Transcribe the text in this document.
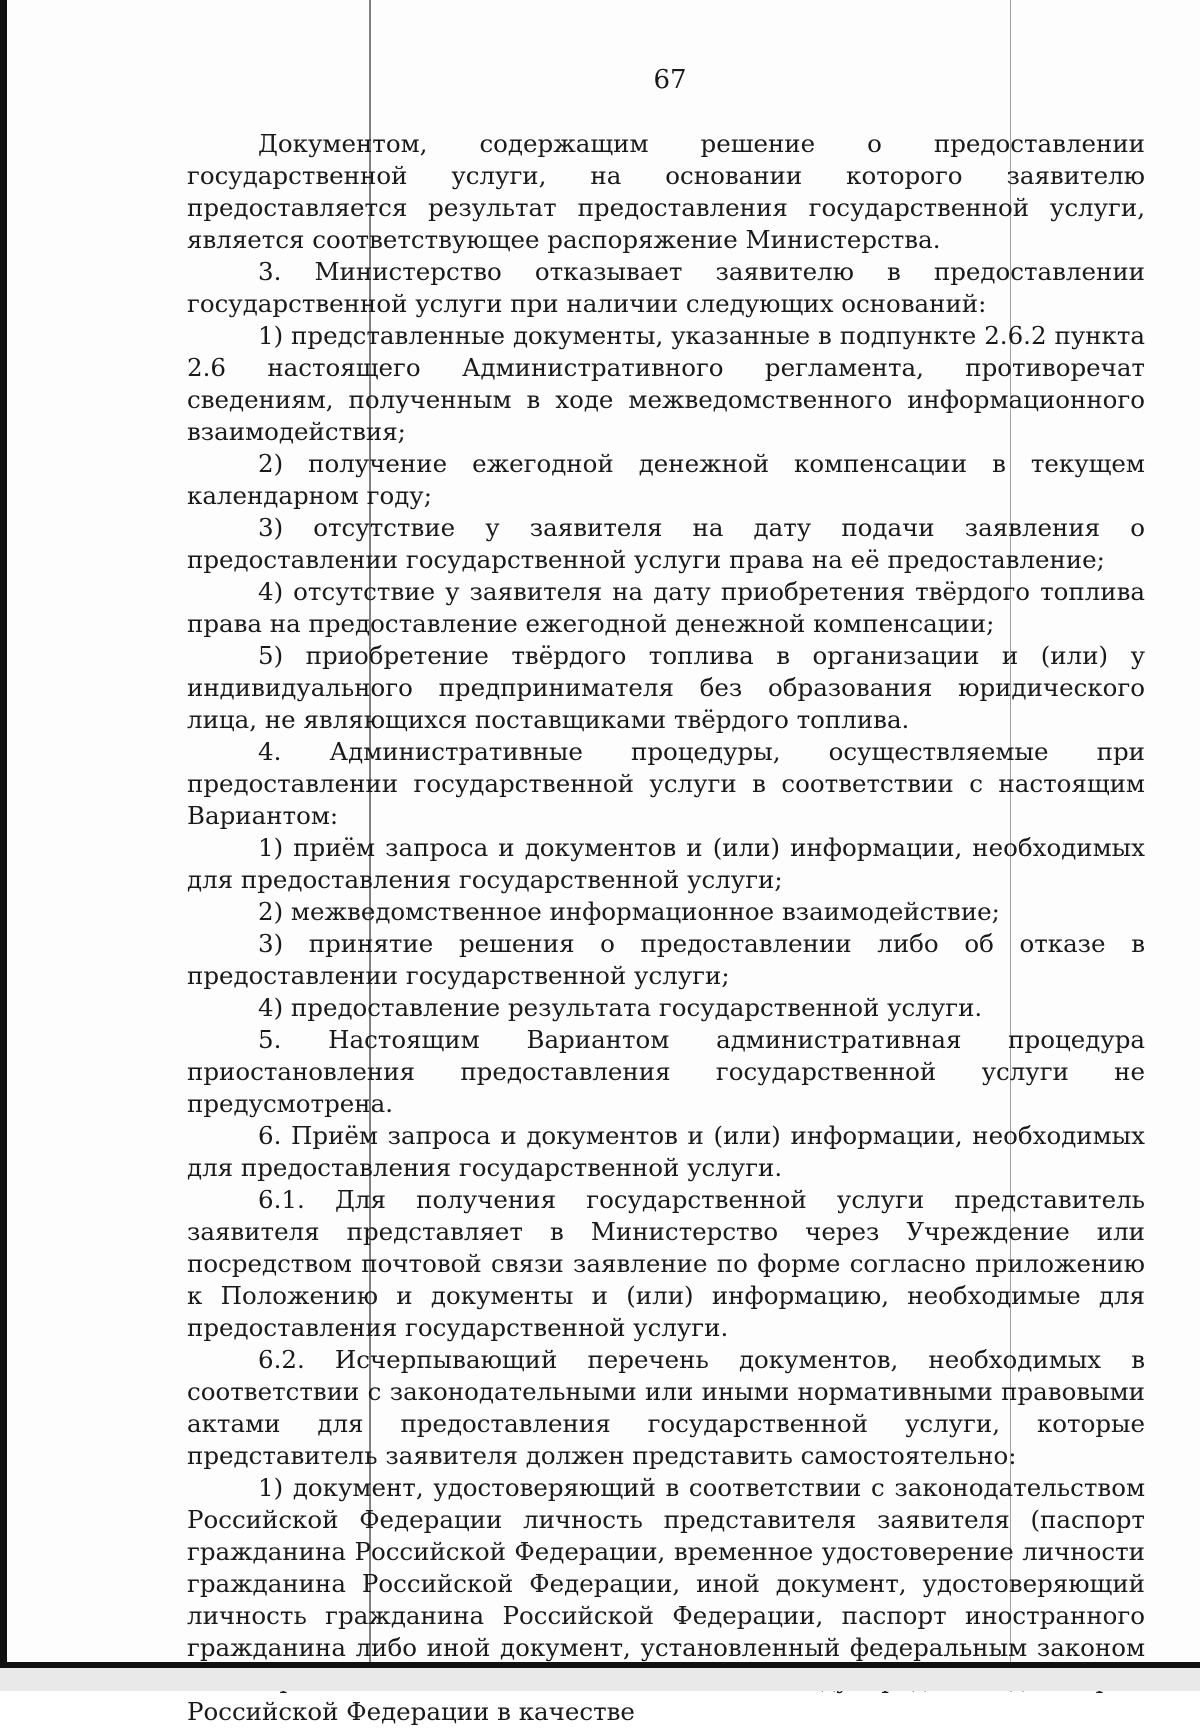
67

Документом, содержащим решение о предоставлении государственной услуги, на основании которого заявителю предоставляется результат предоставления государственной услуги, является соответствующее распоряжение Министерства.

3. Министерство отказывает заявителю в предоставлении государственной услуги при наличии следующих оснований:

1) представленные документы, указанные в подпункте 2.6.2 пункта 2.6 настоящего Административного регламента, противоречат сведениям, полученным в ходе межведомственного информационного взаимодействия;

2) получение ежегодной денежной компенсации в текущем календарном году;

3) отсутствие у заявителя на дату подачи заявления о предоставлении государственной услуги права на её предоставление;

4) отсутствие у заявителя на дату приобретения твёрдого топлива права на предоставление ежегодной денежной компенсации;

5) приобретение твёрдого топлива в организации и (или) у индивидуального предпринимателя без образования юридического лица, не являющихся поставщиками твёрдого топлива.

4. Административные процедуры, осуществляемые при предоставлении государственной услуги в соответствии с настоящим Вариантом:

1) приём запроса и документов и (или) информации, необходимых для предоставления государственной услуги;

2) межведомственное информационное взаимодействие;

3) принятие решения о предоставлении либо об отказе в предоставлении государственной услуги;

4) предоставление результата государственной услуги.

5. Настоящим Вариантом административная процедура приостановления предоставления государственной услуги не предусмотрена.

6. Приём запроса и документов и (или) информации, необходимых для предоставления государственной услуги.

6.1. Для получения государственной услуги представитель заявителя представляет в Министерство через Учреждение или посредством почтовой связи заявление по форме согласно приложению к Положению и документы и (или) информацию, необходимые для предоставления государственной услуги.

6.2. Исчерпывающий перечень документов, необходимых в соответствии с законодательными или иными нормативными правовыми актами для предоставления государственной услуги, которые представитель заявителя должен представить самостоятельно:

1) документ, удостоверяющий в соответствии с законодательством Российской Федерации личность представителя заявителя (паспорт гражданина Российской Федерации, временное удостоверение личности гражданина Российской Федерации, иной документ, удостоверяющий личность гражданина Российской Федерации, паспорт иностранного гражданина либо иной документ, установленный федеральным законом Российской Федерации в качестве
